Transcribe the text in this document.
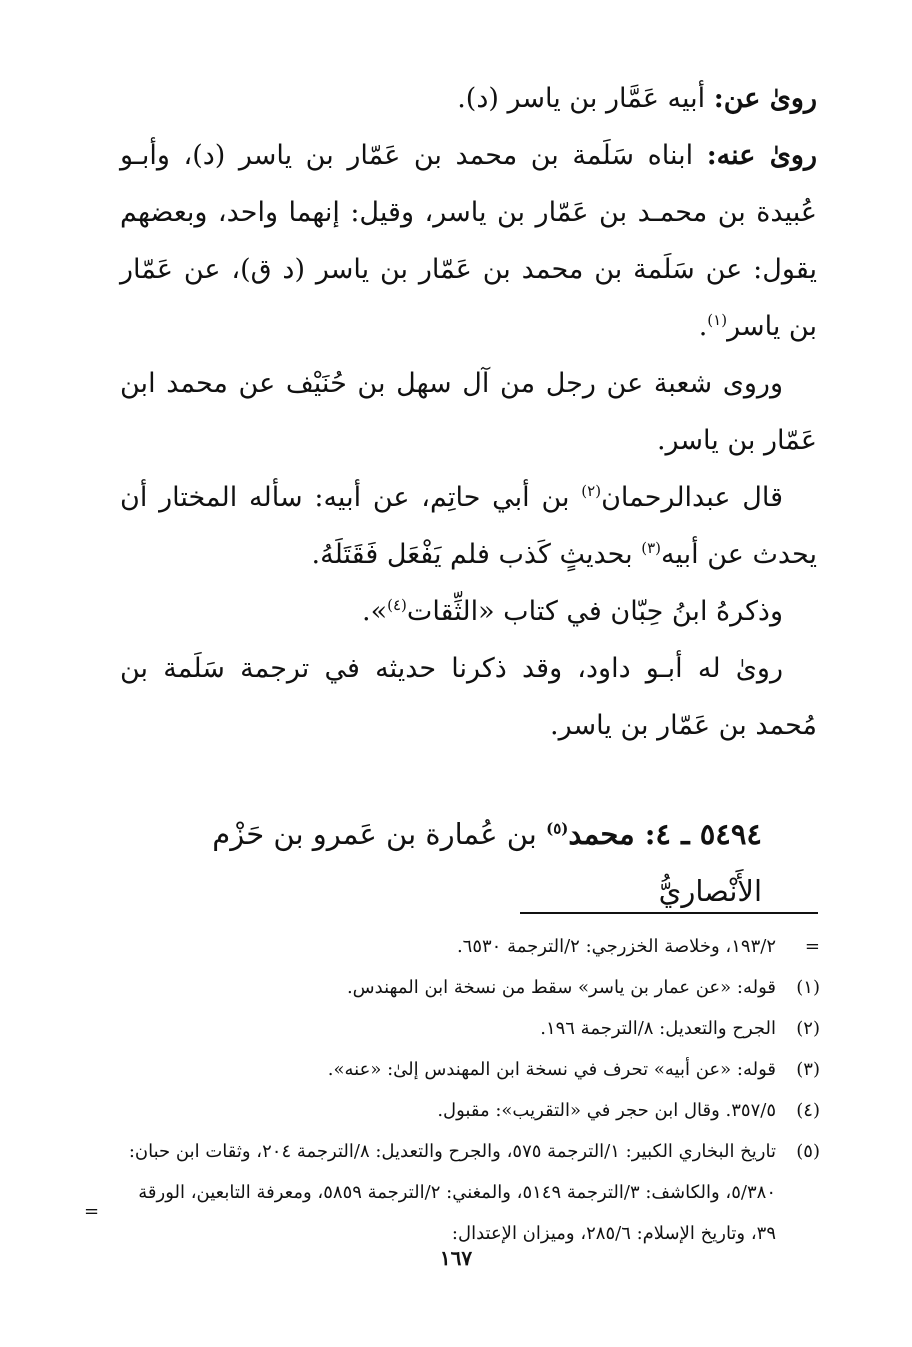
روىٰ عن: أبيه عَمَّار بن ياسر (د).

روىٰ عنه: ابناه سَلَمة بن محمد بن عَمّار بن ياسر (د)، وأبـو عُبيدة بن محمـد بن عَمّار بن ياسر، وقيل: إنهما واحد، وبعضهم يقول: عن سَلَمة بن محمد بن عَمّار بن ياسر (د ق)، عن عَمّار بن ياسر$^{(١)}$.

وروى شعبة عن رجل من آل سهل بن حُنَيْف عن محمد ابن عَمّار بن ياسر.

قال عبدالرحمان$^{(٢)}$ بن أبي حاتِم، عن أبيه: سأله المختار أن يحدث عن أبيه$^{(٣)}$ بحديثٍ كَذب فلم يَفْعَل فَقَتَلَهُ.

وذكرهُ ابنُ حِبّان في كتاب «الثِّقات$^{(٤)}$».

روىٰ له أبـو داود، وقد ذكرنا حديثه في ترجمة سَلَمة بن مُحمد بن عَمّار بن ياسر.

٥٤٩٤ ـ ٤: محمد$^{(٥)}$ بن عُمارة بن عَمرو بن حَزْم الأَنْصاريُّ

=
١٩٣/٢، وخلاصة الخزرجي: ٢/الترجمة ٦٥٣٠.

(١)
قوله: «عن عمار بن ياسر» سقط من نسخة ابن المهندس.

(٢)
الجرح والتعديل: ٨/الترجمة ١٩٦.

(٣)
قوله: «عن أبيه» تحرف في نسخة ابن المهندس إلىٰ: «عنه».

(٤)
٣٥٧/٥. وقال ابن حجر في «التقريب»: مقبول.

(٥)
تاريخ البخاري الكبير: ١/الترجمة ٥٧٥، والجرح والتعديل: ٨/الترجمة ٢٠٤، وثقات ابن حبان: ٥/٣٨٠، والكاشف: ٣/الترجمة ٥١٤٩، والمغني: ٢/الترجمة ٥٨٥٩، ومعرفة التابعين، الورقة ٣٩، وتاريخ الإسلام: ٢٨٥/٦، وميزان الإعتدال:

=
١٦٧
